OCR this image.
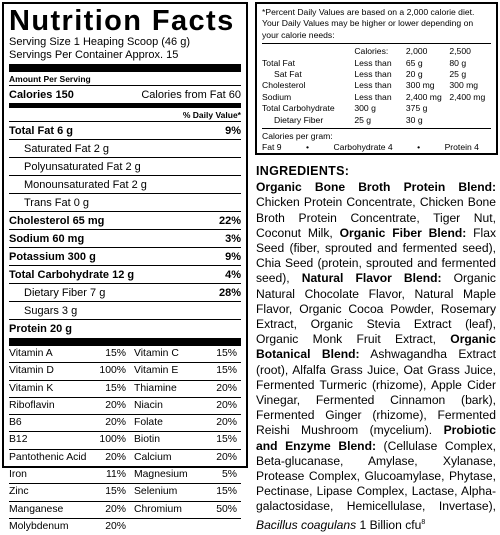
Nutrition Facts
Serving Size 1 Heaping Scoop (46 g)
Servings Per Container Approx. 15
Amount Per Serving
Calories 150	Calories from Fat 60
% Daily Value*
Total Fat 6 g	9%
Saturated Fat 2 g
Polyunsaturated Fat 2 g
Monounsaturated Fat 2 g
Trans Fat 0 g
Cholesterol 65 mg	22%
Sodium 60 mg	3%
Potassium 300 g	9%
Total Carbohydrate 12 g	4%
Dietary Fiber 7 g	28%
Sugars 3 g
Protein 20 g
Vitamin A	15% Vitamin C	15%
Vitamin D	100% Vitamin E	15%
Vitamin K	15% Thiamine	20%
Riboflavin	20% Niacin	20%
B6	20% Folate	20%
B12	100% Biotin	15%
Pantothenic Acid	20% Calcium	20%
Iron	11% Magnesium	5%
Zinc	15% Selenium	15%
Manganese	20% Chromium	50%
Molybdenum	20%
*Percent Daily Values are based on a 2,000 calorie diet. Your Daily Values may be higher or lower depending on your calorie needs:
	Calories:	2,000	2,500
Total Fat	Less than	65 g	80 g
Sat Fat	Less than	20 g	25 g
Cholesterol	Less than	300 mg	300 mg
Sodium	Less than	2,400 mg	2,400 mg
Total Carbohydrate	300 g	375 g	
Dietary Fiber	25 g	30 g	
Calories per gram:
Fat 9	•	Carbohydrate 4	•	Protein 4
INGREDIENTS:
Organic Bone Broth Protein Blend: Chicken Protein Concentrate, Chicken Bone Broth Protein Concentrate, Tiger Nut, Coconut Milk, Organic Fiber Blend: Flax Seed (fiber, sprouted and fermented seed), Chia Seed (protein, sprouted and fermented seed), Natural Flavor Blend: Organic Natural Chocolate Flavor, Natural Maple Flavor, Organic Cocoa Powder, Rosemary Extract, Organic Stevia Extract (leaf), Organic Monk Fruit Extract, Organic Botanical Blend: Ashwagandha Extract (root), Alfalfa Grass Juice, Oat Grass Juice, Fermented Turmeric (rhizome), Apple Cider Vinegar, Fermented Cinnamon (bark), Fermented Ginger (rhizome), Fermented Reishi Mushroom (mycelium). Probiotic and Enzyme Blend: (Cellulase Complex, Beta-glucanase, Amylase, Xylanase, Protease Complex, Glucoamylase, Phytase, Pectinase, Lipase Complex, Lactase, Alpha-galactosidase, Hemicellulase, Invertase), Bacillus coagulans 1 Billion cfu$^8$
